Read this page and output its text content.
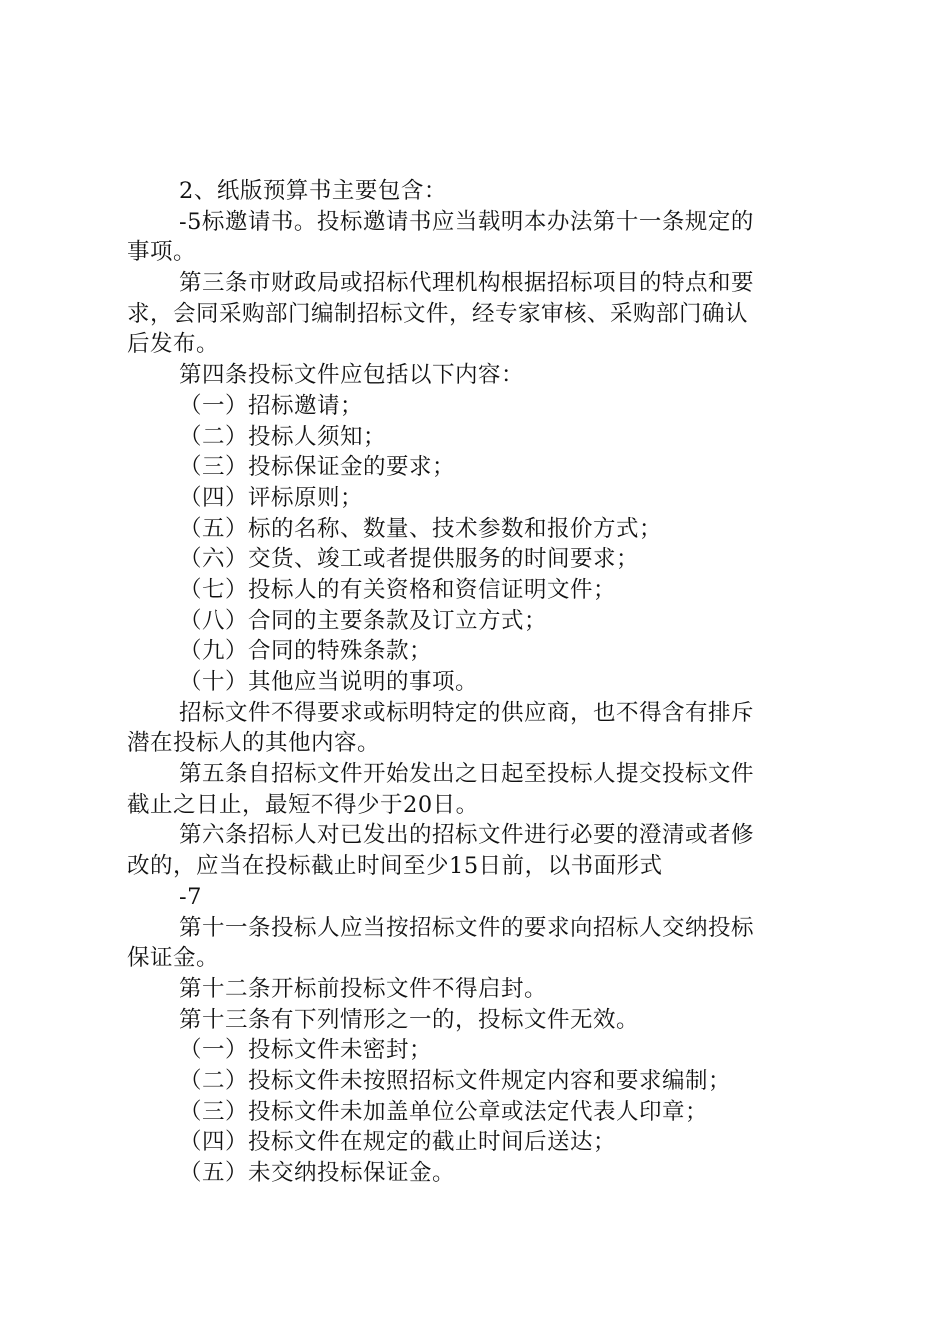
2、纸版预算书主要包含：
-5标邀请书。投标邀请书应当载明本办法第十一条规定的
事项。
第三条市财政局或招标代理机构根据招标项目的特点和要
求，会同采购部门编制招标文件，经专家审核、采购部门确认
后发布。
第四条投标文件应包括以下内容：
（一）招标邀请；
（二）投标人须知；
（三）投标保证金的要求；
（四）评标原则；
（五）标的名称、数量、技术参数和报价方式；
（六）交货、竣工或者提供服务的时间要求；
（七）投标人的有关资格和资信证明文件；
（八）合同的主要条款及订立方式；
（九）合同的特殊条款；
（十）其他应当说明的事项。
招标文件不得要求或标明特定的供应商，也不得含有排斥
潜在投标人的其他内容。
第五条自招标文件开始发出之日起至投标人提交投标文件
截止之日止，最短不得少于20日。
第六条招标人对已发出的招标文件进行必要的澄清或者修
改的，应当在投标截止时间至少15日前，以书面形式
-7
第十一条投标人应当按招标文件的要求向招标人交纳投标
保证金。
第十二条开标前投标文件不得启封。
第十三条有下列情形之一的，投标文件无效。
（一）投标文件未密封；
（二）投标文件未按照招标文件规定内容和要求编制；
（三）投标文件未加盖单位公章或法定代表人印章；
（四）投标文件在规定的截止时间后送达；
（五）未交纳投标保证金。
